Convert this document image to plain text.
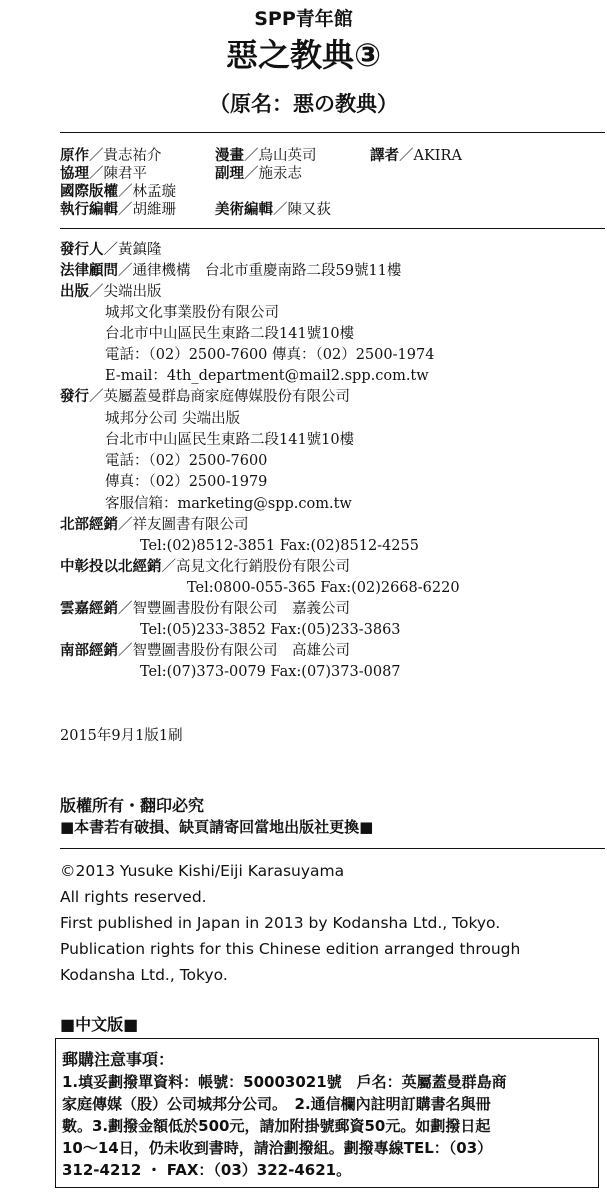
SPP青年館
惡之教典③
（原名：悪の教典）
原作／貴志祐介	漫畫／烏山英司	譯者／AKIRA
協理／陳君平	副理／施汞志
國際版權／林孟璇
執行編輯／胡維珊	美術編輯／陳又荻
發行人／黃鎮隆
法律顧問／通律機構　台北市重慶南路二段59號11樓
出版／尖端出版
城邦文化事業股份有限公司
台北市中山區民生東路二段141號10樓
電話：（02）2500-7600 傳真：（02）2500-1974
E-mail：4th_department@mail2.spp.com.tw
發行／英屬蓋曼群島商家庭傳媒股份有限公司
城邦分公司 尖端出版
台北市中山區民生東路二段141號10樓
電話：（02）2500-7600
傳真：（02）2500-1979
客服信箱：marketing@spp.com.tw
北部經銷／祥友圖書有限公司
Tel:(02)8512-3851 Fax:(02)8512-4255
中彰投以北經銷／高見文化行銷股份有限公司
Tel:0800-055-365 Fax:(02)2668-6220
雲嘉經銷／智豐圖書股份有限公司　嘉義公司
Tel:(05)233-3852 Fax:(05)233-3863
南部經銷／智豐圖書股份有限公司　高雄公司
Tel:(07)373-0079 Fax:(07)373-0087
2015年9月1版1刷
版權所有・翻印必究
■本書若有破損、缺頁請寄回當地出版社更換■
©2013 Yusuke Kishi/Eiji Karasuyama
All rights reserved.
First published in Japan in 2013 by Kodansha Ltd., Tokyo.
Publication rights for this Chinese edition arranged through
Kodansha Ltd., Tokyo.
■中文版■
郵購注意事項：
1.填妥劃撥單資料：帳號：50003021號　戶名：英屬蓋曼群島商
家庭傳媒（股）公司城邦分公司。　2.通信欄內註明訂購書名與冊
數。3.劃撥金額低於500元，請加附掛號郵資50元。如劃撥日起
10～14日，仍未收到書時，請洽劃撥組。劃撥專線TEL：（03）
312-4212 ・ FAX：（03）322-4621。
